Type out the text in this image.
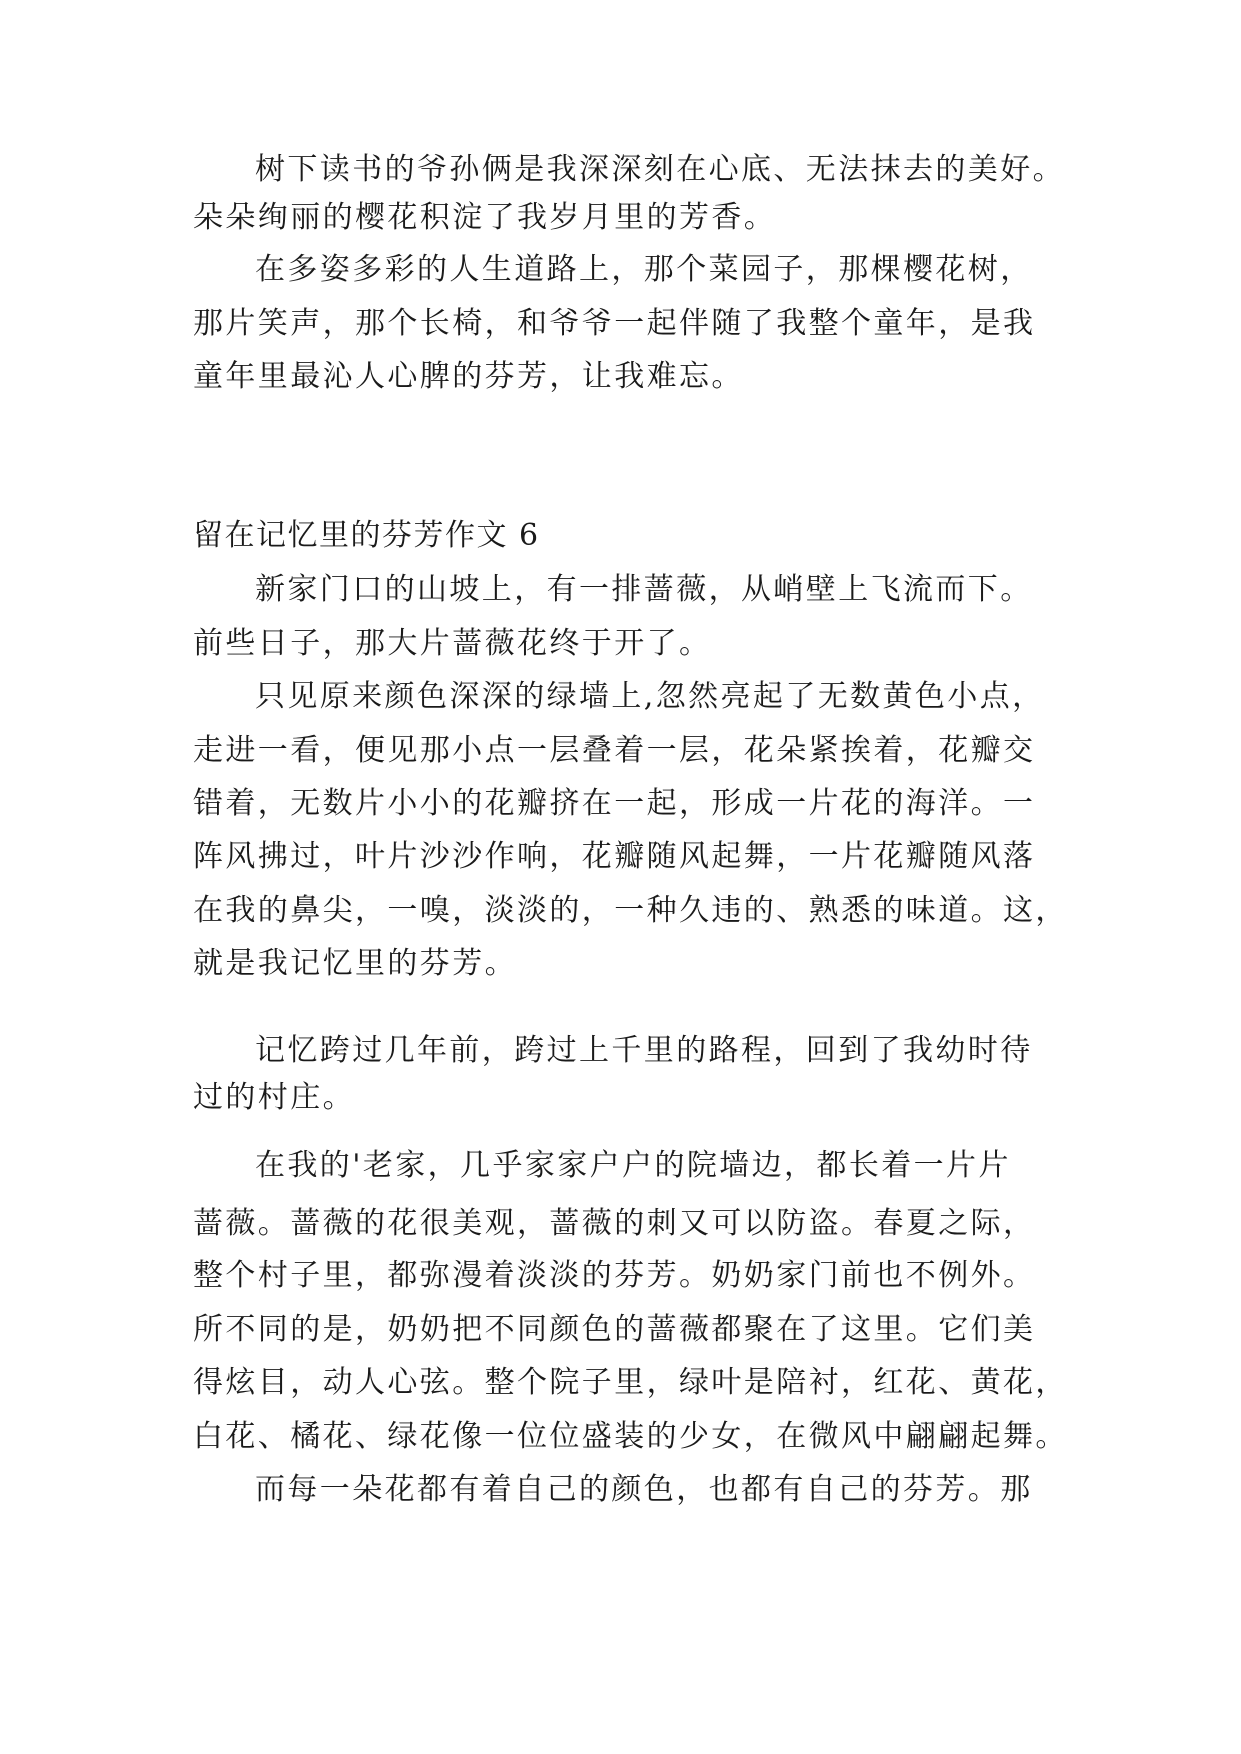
树下读书的爷孙俩是我深深刻在心底、无法抹去的美好。
朵朵绚丽的樱花积淀了我岁月里的芳香。
在多姿多彩的人生道路上，那个菜园子，那棵樱花树，
那片笑声，那个长椅，和爷爷一起伴随了我整个童年，是我
童年里最沁人心脾的芬芳，让我难忘。
留在记忆里的芬芳作文 6
新家门口的山坡上，有一排蔷薇，从峭壁上飞流而下。
前些日子，那大片蔷薇花终于开了。
只见原来颜色深深的绿墙上,忽然亮起了无数黄色小点，
走进一看，便见那小点一层叠着一层，花朵紧挨着，花瓣交
错着，无数片小小的花瓣挤在一起，形成一片花的海洋。一
阵风拂过，叶片沙沙作响，花瓣随风起舞，一片花瓣随风落
在我的鼻尖，一嗅，淡淡的，一种久违的、熟悉的味道。这，
就是我记忆里的芬芳。
记忆跨过几年前，跨过上千里的路程，回到了我幼时待
过的村庄。
在我的'老家，几乎家家户户的院墙边，都长着一片片
蔷薇。蔷薇的花很美观，蔷薇的刺又可以防盗。春夏之际，
整个村子里，都弥漫着淡淡的芬芳。奶奶家门前也不例外。
所不同的是，奶奶把不同颜色的蔷薇都聚在了这里。它们美
得炫目，动人心弦。整个院子里，绿叶是陪衬，红花、黄花，
白花、橘花、绿花像一位位盛装的少女，在微风中翩翩起舞。
而每一朵花都有着自己的颜色，也都有自己的芬芳。那
